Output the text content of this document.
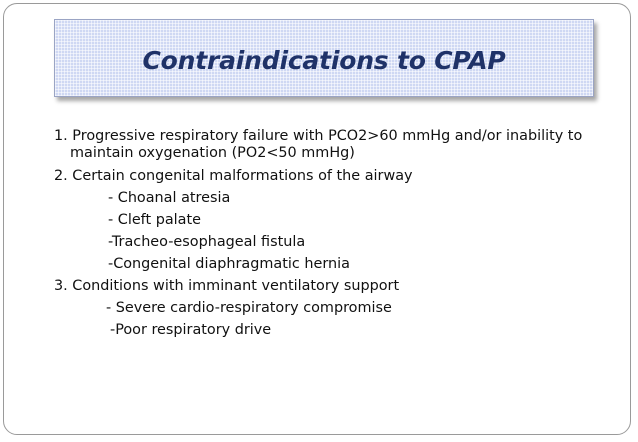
Contraindications to CPAP
1. Progressive respiratory failure with PCO2>60 mmHg and/or inability to
maintain oxygenation (PO2<50 mmHg)
2. Certain congenital malformations of the airway
- Choanal atresia
- Cleft palate
-Tracheo-esophageal fistula
-Congenital diaphragmatic hernia
3. Conditions with imminant ventilatory support
- Severe cardio-respiratory compromise
-Poor respiratory drive
